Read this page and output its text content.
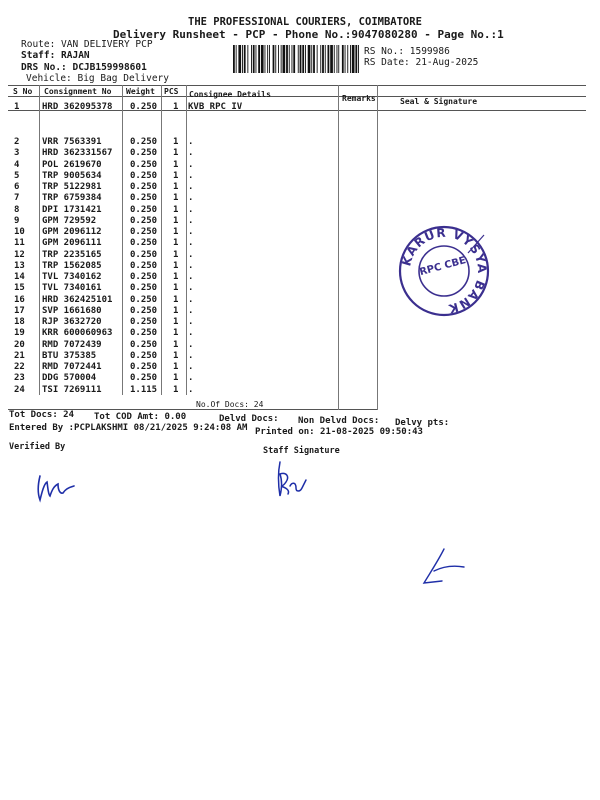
THE PROFESSIONAL COURIERS, COIMBATORE
Delivery Runsheet - PCP - Phone No.:9047080280 - Page No.:1
Route: VAN DELIVERY PCP
Staff: RAJAN
DRS No.: DCJB159998601
Vehicle: Big Bag Delivery
RS No.: 1599986
RS Date: 21-Aug-2025
S No Consignment No Weight PCS Consignee Details	Remarks	Seal & Signature
1	HRD 362095378 0.250 1 KVB RPC IV
2	VRR 7563391	0.250 1 .
3	HRD 362331567 0.250 1 .
4	POL 2619670	0.250 1 .
5	TRP 9005634	0.250 1 .
6	TRP 5122981	0.250 1 .
7	TRP 6759384	0.250 1 .
8	DPI 1731421	0.250 1 .
9	GPM 729592	0.250 1 .
10 GPM 2096112	0.250 1 .
11 GPM 2096111	0.250 1 .
12 TRP 2235165	0.250 1 .
13 TRP 1562085	0.250 1 .
14 TVL 7340162	0.250 1 .
15 TVL 7340161	0.250 1 .
16 HRD 362425101 0.250 1 .
17 SVP 1661680	0.250 1 .
18 RJP 3632720	0.250 1 .
19 KRR 600060963 0.250 1 .
20 RMD 7072439	0.250 1 .
21 BTU 375385	0.250 1 .
22 RMD 7072441	0.250 1 .
23 DDG 570004	0.250 1 .
24 TSI 7269111	1.115 1 .
No.Of Docs: 24
KARUR VYSYA BANK
RPC CBE
Tot Docs: 24 Tot COD Amt: 0.00	Delvd Docs: Non Delvd Docs: Delvy pts:
Entered By :PCPLAKSHMI 08/21/2025 9:24:08 AM Printed on: 21-08-2025 09:50:43
Verified By	Staff Signature
